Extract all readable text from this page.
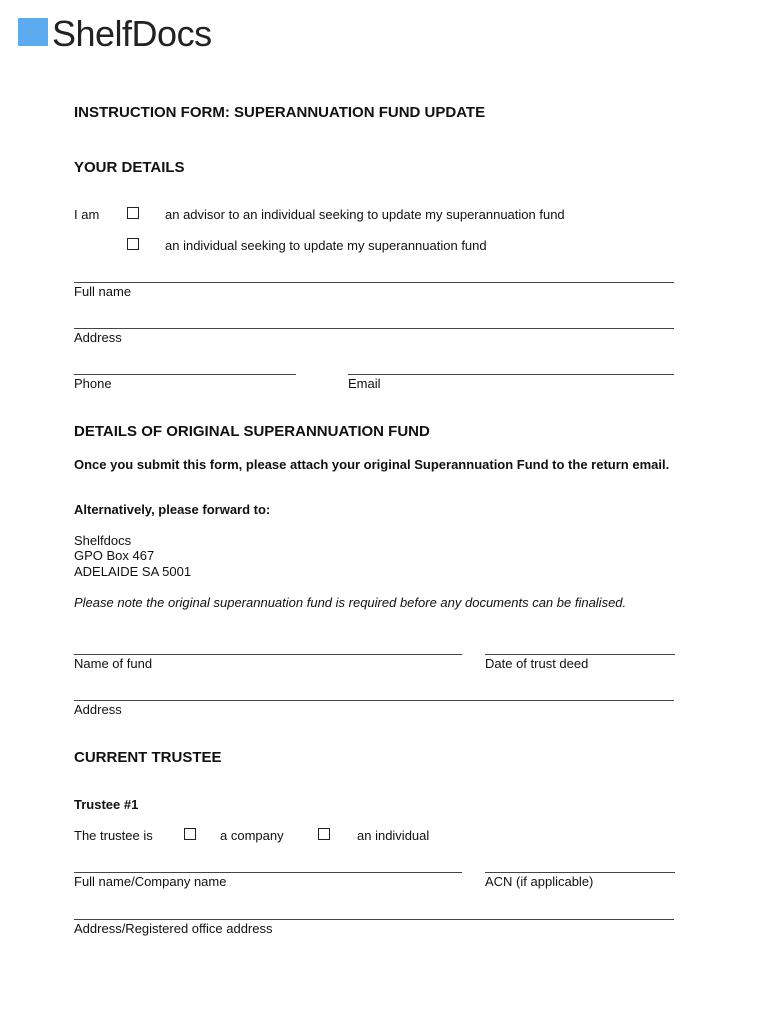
ShelfDocs
INSTRUCTION FORM: SUPERANNUATION FUND UPDATE
YOUR DETAILS
I am	an advisor to an individual seeking to update my superannuation fund
an individual seeking to update my superannuation fund
Full name
Address
Phone	Email
DETAILS OF ORIGINAL SUPERANNUATION FUND
Once you submit this form, please attach your original Superannuation Fund to the return email.
Alternatively, please forward to:
Shelfdocs
GPO Box 467
ADELAIDE SA 5001
Please note the original superannuation fund is required before any documents can be finalised.
Name of fund	Date of trust deed
Address
CURRENT TRUSTEE
Trustee #1
The trustee is	a company	an individual
Full name/Company name	ACN (if applicable)
Address/Registered office address
